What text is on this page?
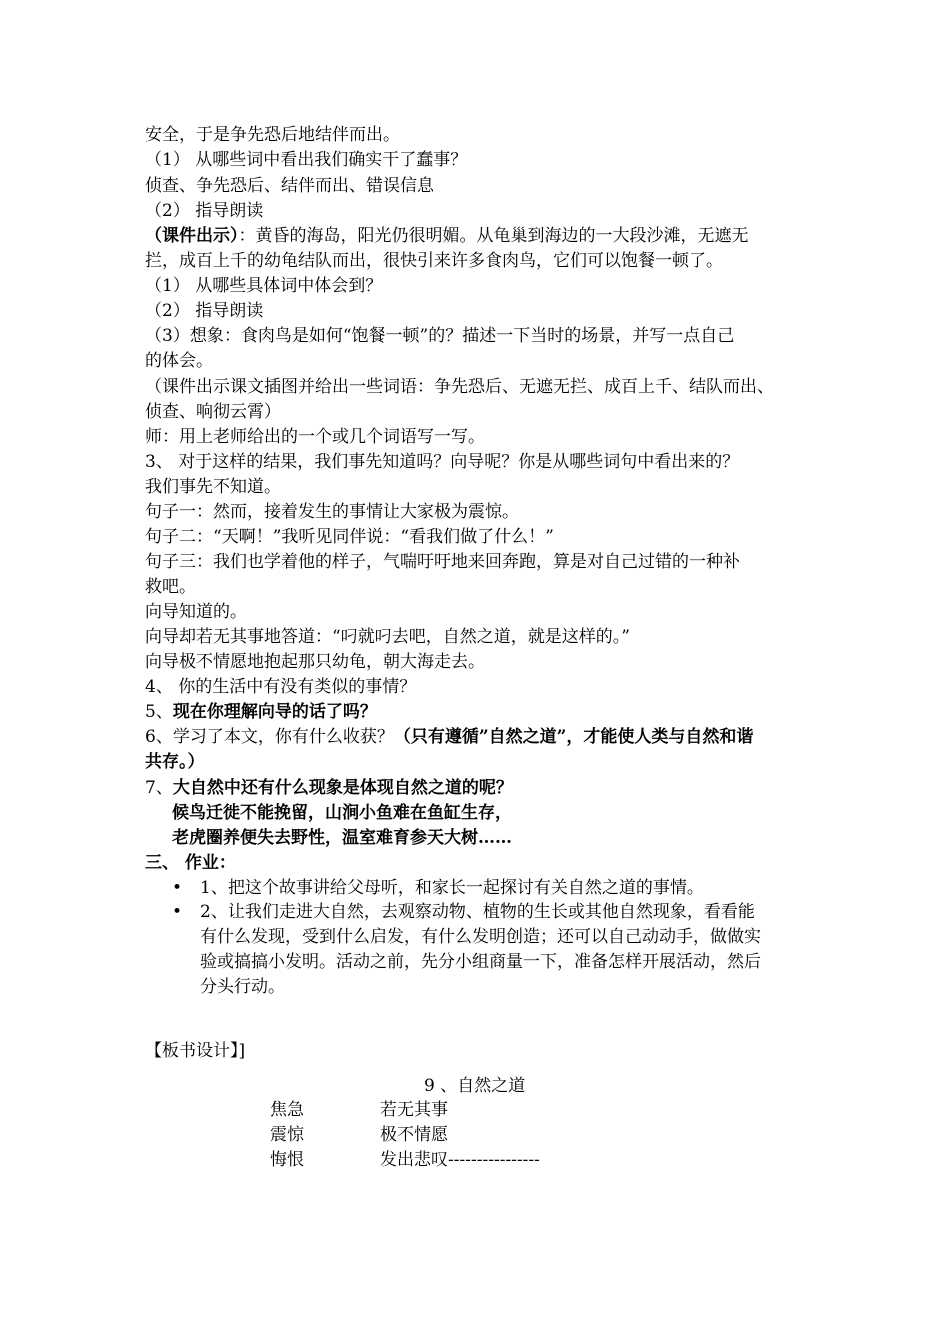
安全，于是争先恐后地结伴而出。
（1） 从哪些词中看出我们确实干了蠢事？
侦查、争先恐后、结伴而出、错误信息
（2） 指导朗读
（课件出示）：黄昏的海岛，阳光仍很明媚。从龟巢到海边的一大段沙滩，无遮无
拦，成百上千的幼龟结队而出，很快引来许多食肉鸟，它们可以饱餐一顿了。
（1） 从哪些具体词中体会到？
（2） 指导朗读
（3）想象：食肉鸟是如何“饱餐一顿”的？描述一下当时的场景，并写一点自己
的体会。
（课件出示课文插图并给出一些词语：争先恐后、无遮无拦、成百上千、结队而出、
侦查、响彻云霄）
师：用上老师给出的一个或几个词语写一写。
3、 对于这样的结果，我们事先知道吗？向导呢？你是从哪些词句中看出来的？
我们事先不知道。
句子一：然而，接着发生的事情让大家极为震惊。
句子二：“天啊！”我听见同伴说：“看我们做了什么！”
句子三：我们也学着他的样子，气喘吁吁地来回奔跑，算是对自己过错的一种补
救吧。
向导知道的。
向导却若无其事地答道：“叼就叼去吧，自然之道，就是这样的。”
向导极不情愿地抱起那只幼龟，朝大海走去。
4、 你的生活中有没有类似的事情？
5、现在你理解向导的话了吗？
6、学习了本文，你有什么收获？（只有遵循”自然之道”，才能使人类与自然和谐
共存。）
7、大自然中还有什么现象是体现自然之道的呢？
候鸟迁徙不能挽留，山涧小鱼难在鱼缸生存，
老虎圈养便失去野性，温室难育参天大树……
三、 作业：
• 1、把这个故事讲给父母听，和家长一起探讨有关自然之道的事情。
• 2、让我们走进大自然，去观察动物、植物的生长或其他自然现象，看看能
有什么发现，受到什么启发，有什么发明创造；还可以自己动动手，做做实
验或搞搞小发明。活动之前，先分小组商量一下，准备怎样开展活动，然后
分头行动。
【板书设计】]
9 、自然之道
焦急	若无其事
震惊	极不情愿
悔恨	发出悲叹----------------
